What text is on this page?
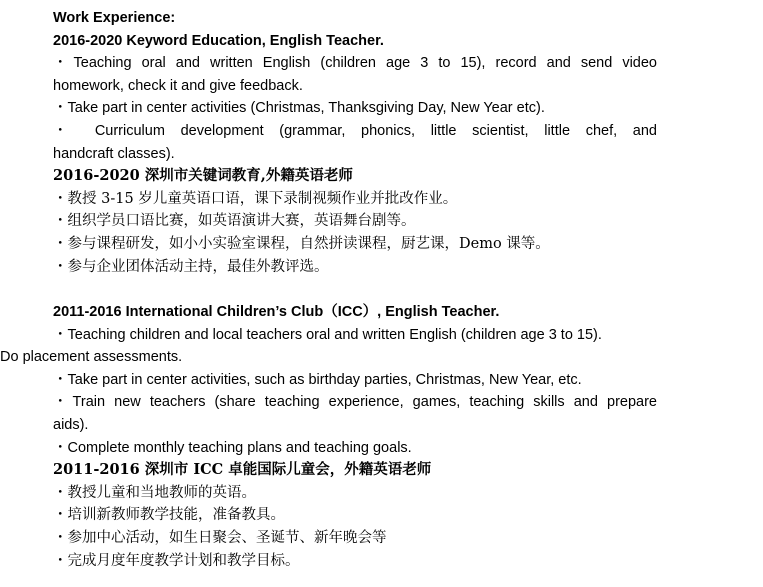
Work Experience:
2016-2020 Keyword Education, English Teacher.
・Teaching oral and written English (children age 3 to 15), record and send video
homework, check it and give feedback.
・Take part in center activities (Christmas, Thanksgiving Day, New Year etc).
・ Curriculum development (grammar, phonics, little scientist, little chef, and
handcraft classes).
2016-2020 深圳市关键词教育,外籍英语老师
・教授 3-15 岁儿童英语口语，课下录制视频作业并批改作业。
・组织学员口语比赛，如英语演讲大赛，英语舞台剧等。
・参与课程研发，如小小实验室课程，自然拼读课程，厨艺课，Demo 课等。
・参与企业团体活动主持，最佳外教评选。
2011-2016 International Children’s Club（ICC）, English Teacher.
・Teaching children and local teachers oral and written English (children age 3 to 15).
Do placement assessments.
・Take part in center activities, such as birthday parties, Christmas, New Year, etc.
・Train new teachers (share teaching experience, games, teaching skills and prepare
aids).
・Complete monthly teaching plans and teaching goals.
2011-2016 深圳市 ICC 卓能国际儿童会，外籍英语老师
・教授儿童和当地教师的英语。
・培训新教师教学技能，准备教具。
・参加中心活动，如生日聚会、圣诞节、新年晚会等
・完成月度年度教学计划和教学目标。
